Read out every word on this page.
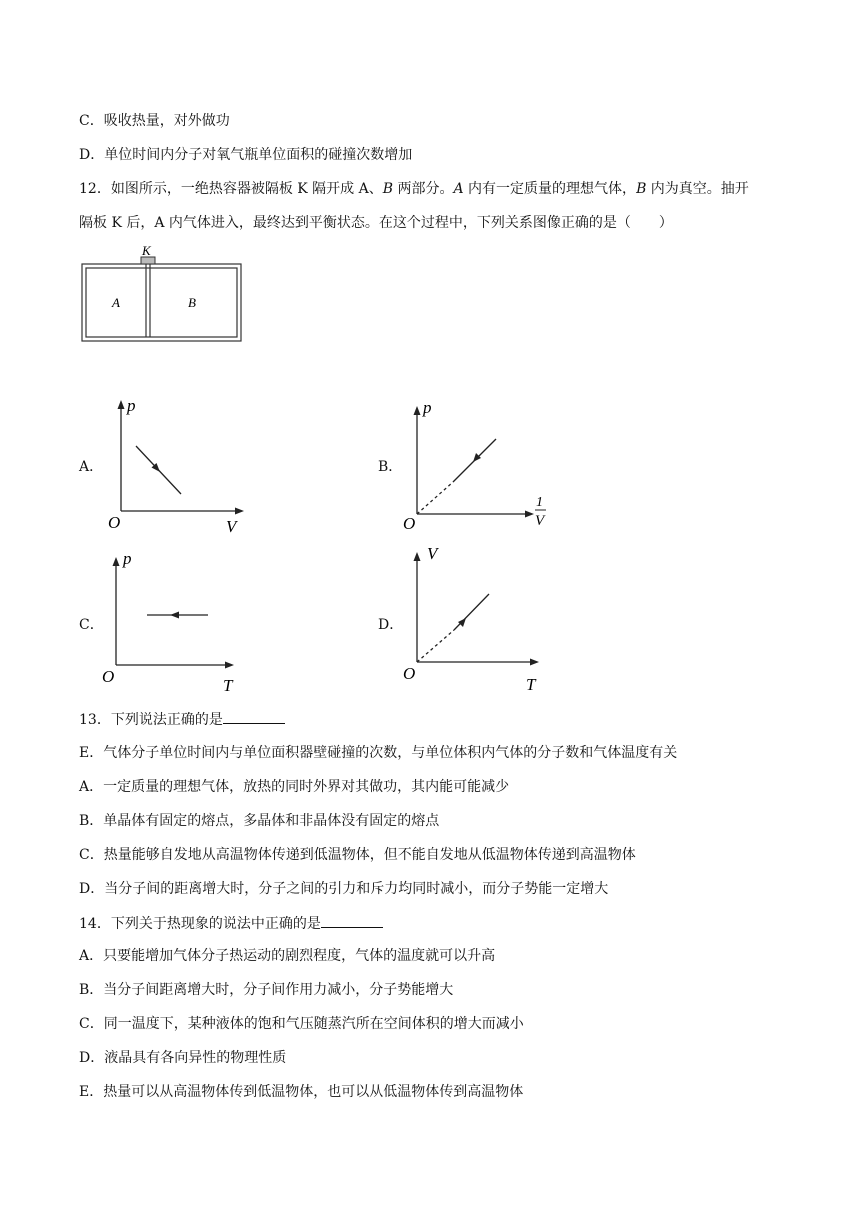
C．吸收热量，对外做功
D．单位时间内分子对氧气瓶单位面积的碰撞次数增加
12．如图所示，一绝热容器被隔板 K 隔开成 A、B 两部分。A 内有一定质量的理想气体，B 内为真空。抽开
隔板 K 后，A 内气体进入，最终达到平衡状态。在这个过程中，下列关系图像正确的是（　　）
K
A	B
A．
p
V
O
B．
p
1
V
O
C．
p
T
O
D．
V
T
O
13．下列说法正确的是
E．气体分子单位时间内与单位面积器壁碰撞的次数，与单位体积内气体的分子数和气体温度有关
A．一定质量的理想气体，放热的同时外界对其做功，其内能可能减少
B．单晶体有固定的熔点，多晶体和非晶体没有固定的熔点
C．热量能够自发地从高温物体传递到低温物体，但不能自发地从低温物体传递到高温物体
D．当分子间的距离增大时，分子之间的引力和斥力均同时减小，而分子势能一定增大
14．下列关于热现象的说法中正确的是
A．只要能增加气体分子热运动的剧烈程度，气体的温度就可以升高
B．当分子间距离增大时，分子间作用力减小，分子势能增大
C．同一温度下，某种液体的饱和气压随蒸汽所在空间体积的增大而减小
D．液晶具有各向异性的物理性质
E．热量可以从高温物体传到低温物体，也可以从低温物体传到高温物体
